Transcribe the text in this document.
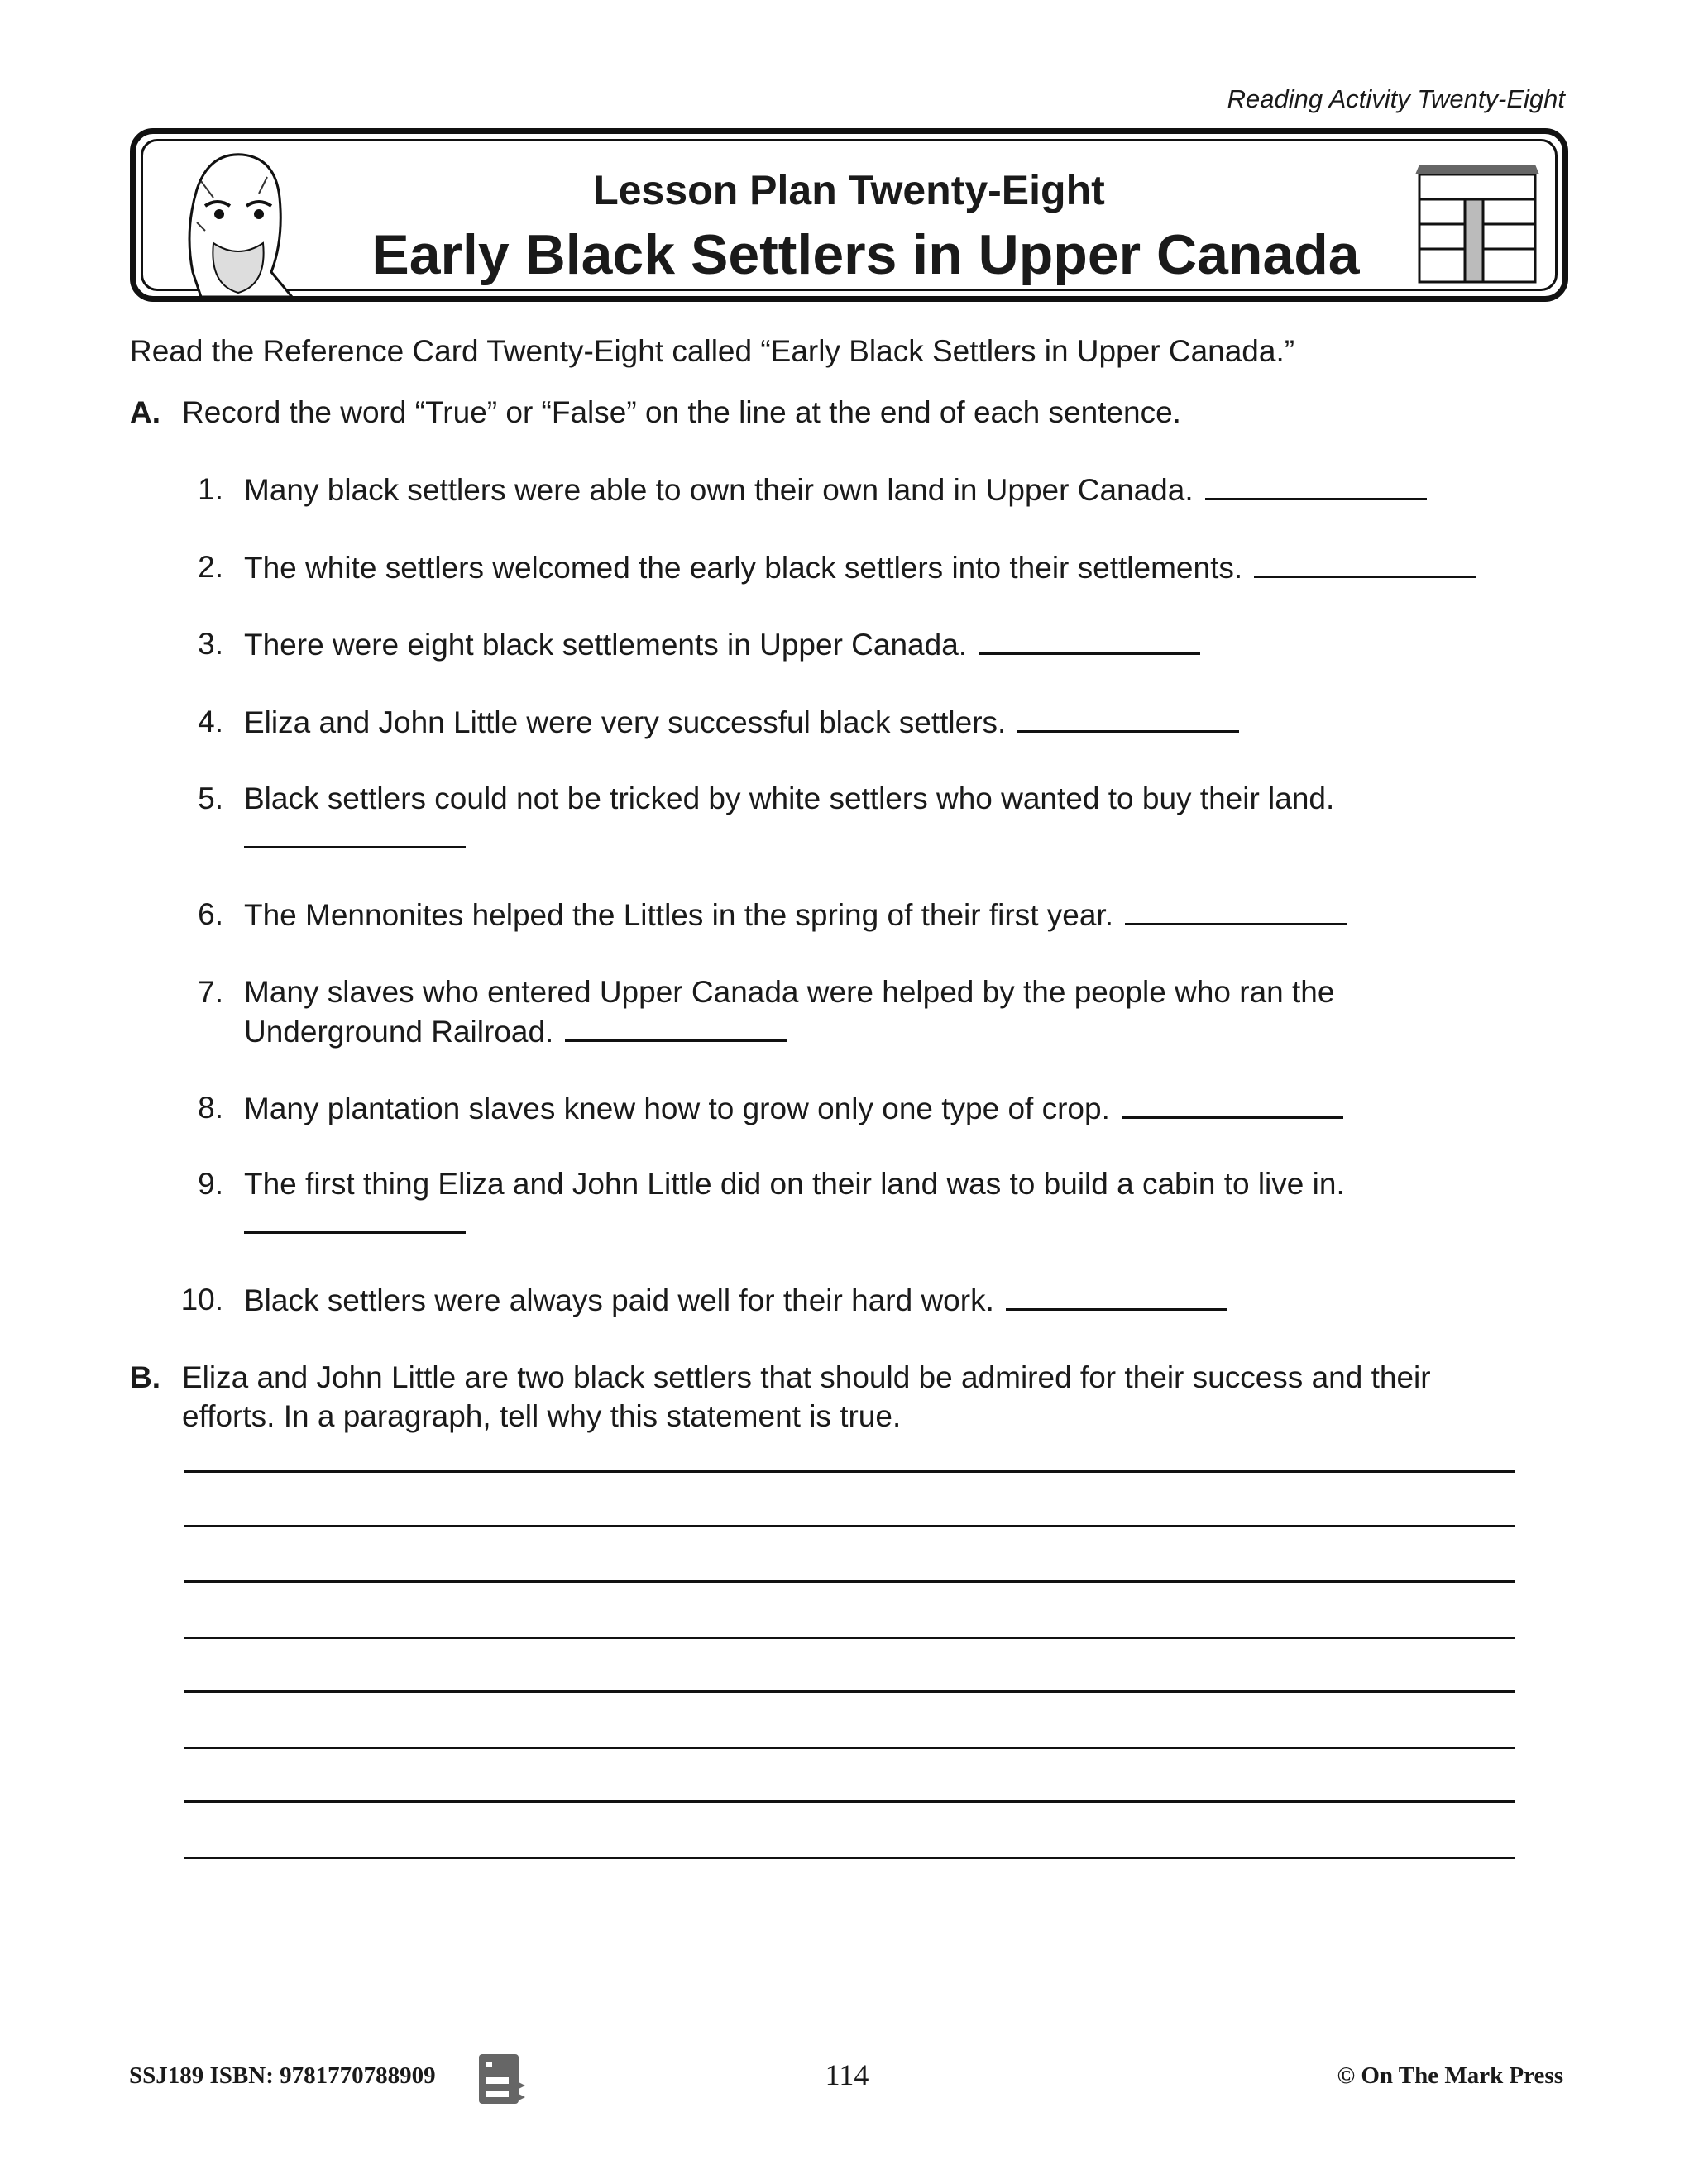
Reading Activity Twenty-Eight
Lesson Plan Twenty-Eight
Early Black Settlers in Upper Canada
Read the Reference Card Twenty-Eight called “Early Black Settlers in Upper Canada.”
A. Record the word “True” or “False” on the line at the end of each sentence.
1. Many black settlers were able to own their own land in Upper Canada.
2. The white settlers welcomed the early black settlers into their settlements.
3. There were eight black settlements in Upper Canada.
4. Eliza and John Little were very successful black settlers.
5. Black settlers could not be tricked by white settlers who wanted to buy their land.

6. The Mennonites helped the Littles in the spring of their first year.
7. Many slaves who entered Upper Canada were helped by the people who ran the
Underground Railroad.
8. Many plantation slaves knew how to grow only one type of crop.
9. The first thing Eliza and John Little did on their land was to build a cabin to live in.

10. Black settlers were always paid well for their hard work.
B. Eliza and John Little are two black settlers that should be admired for their success and their
efforts. In a paragraph, tell why this statement is true.
SSJ189 ISBN: 9781770788909	114	© On The Mark Press
